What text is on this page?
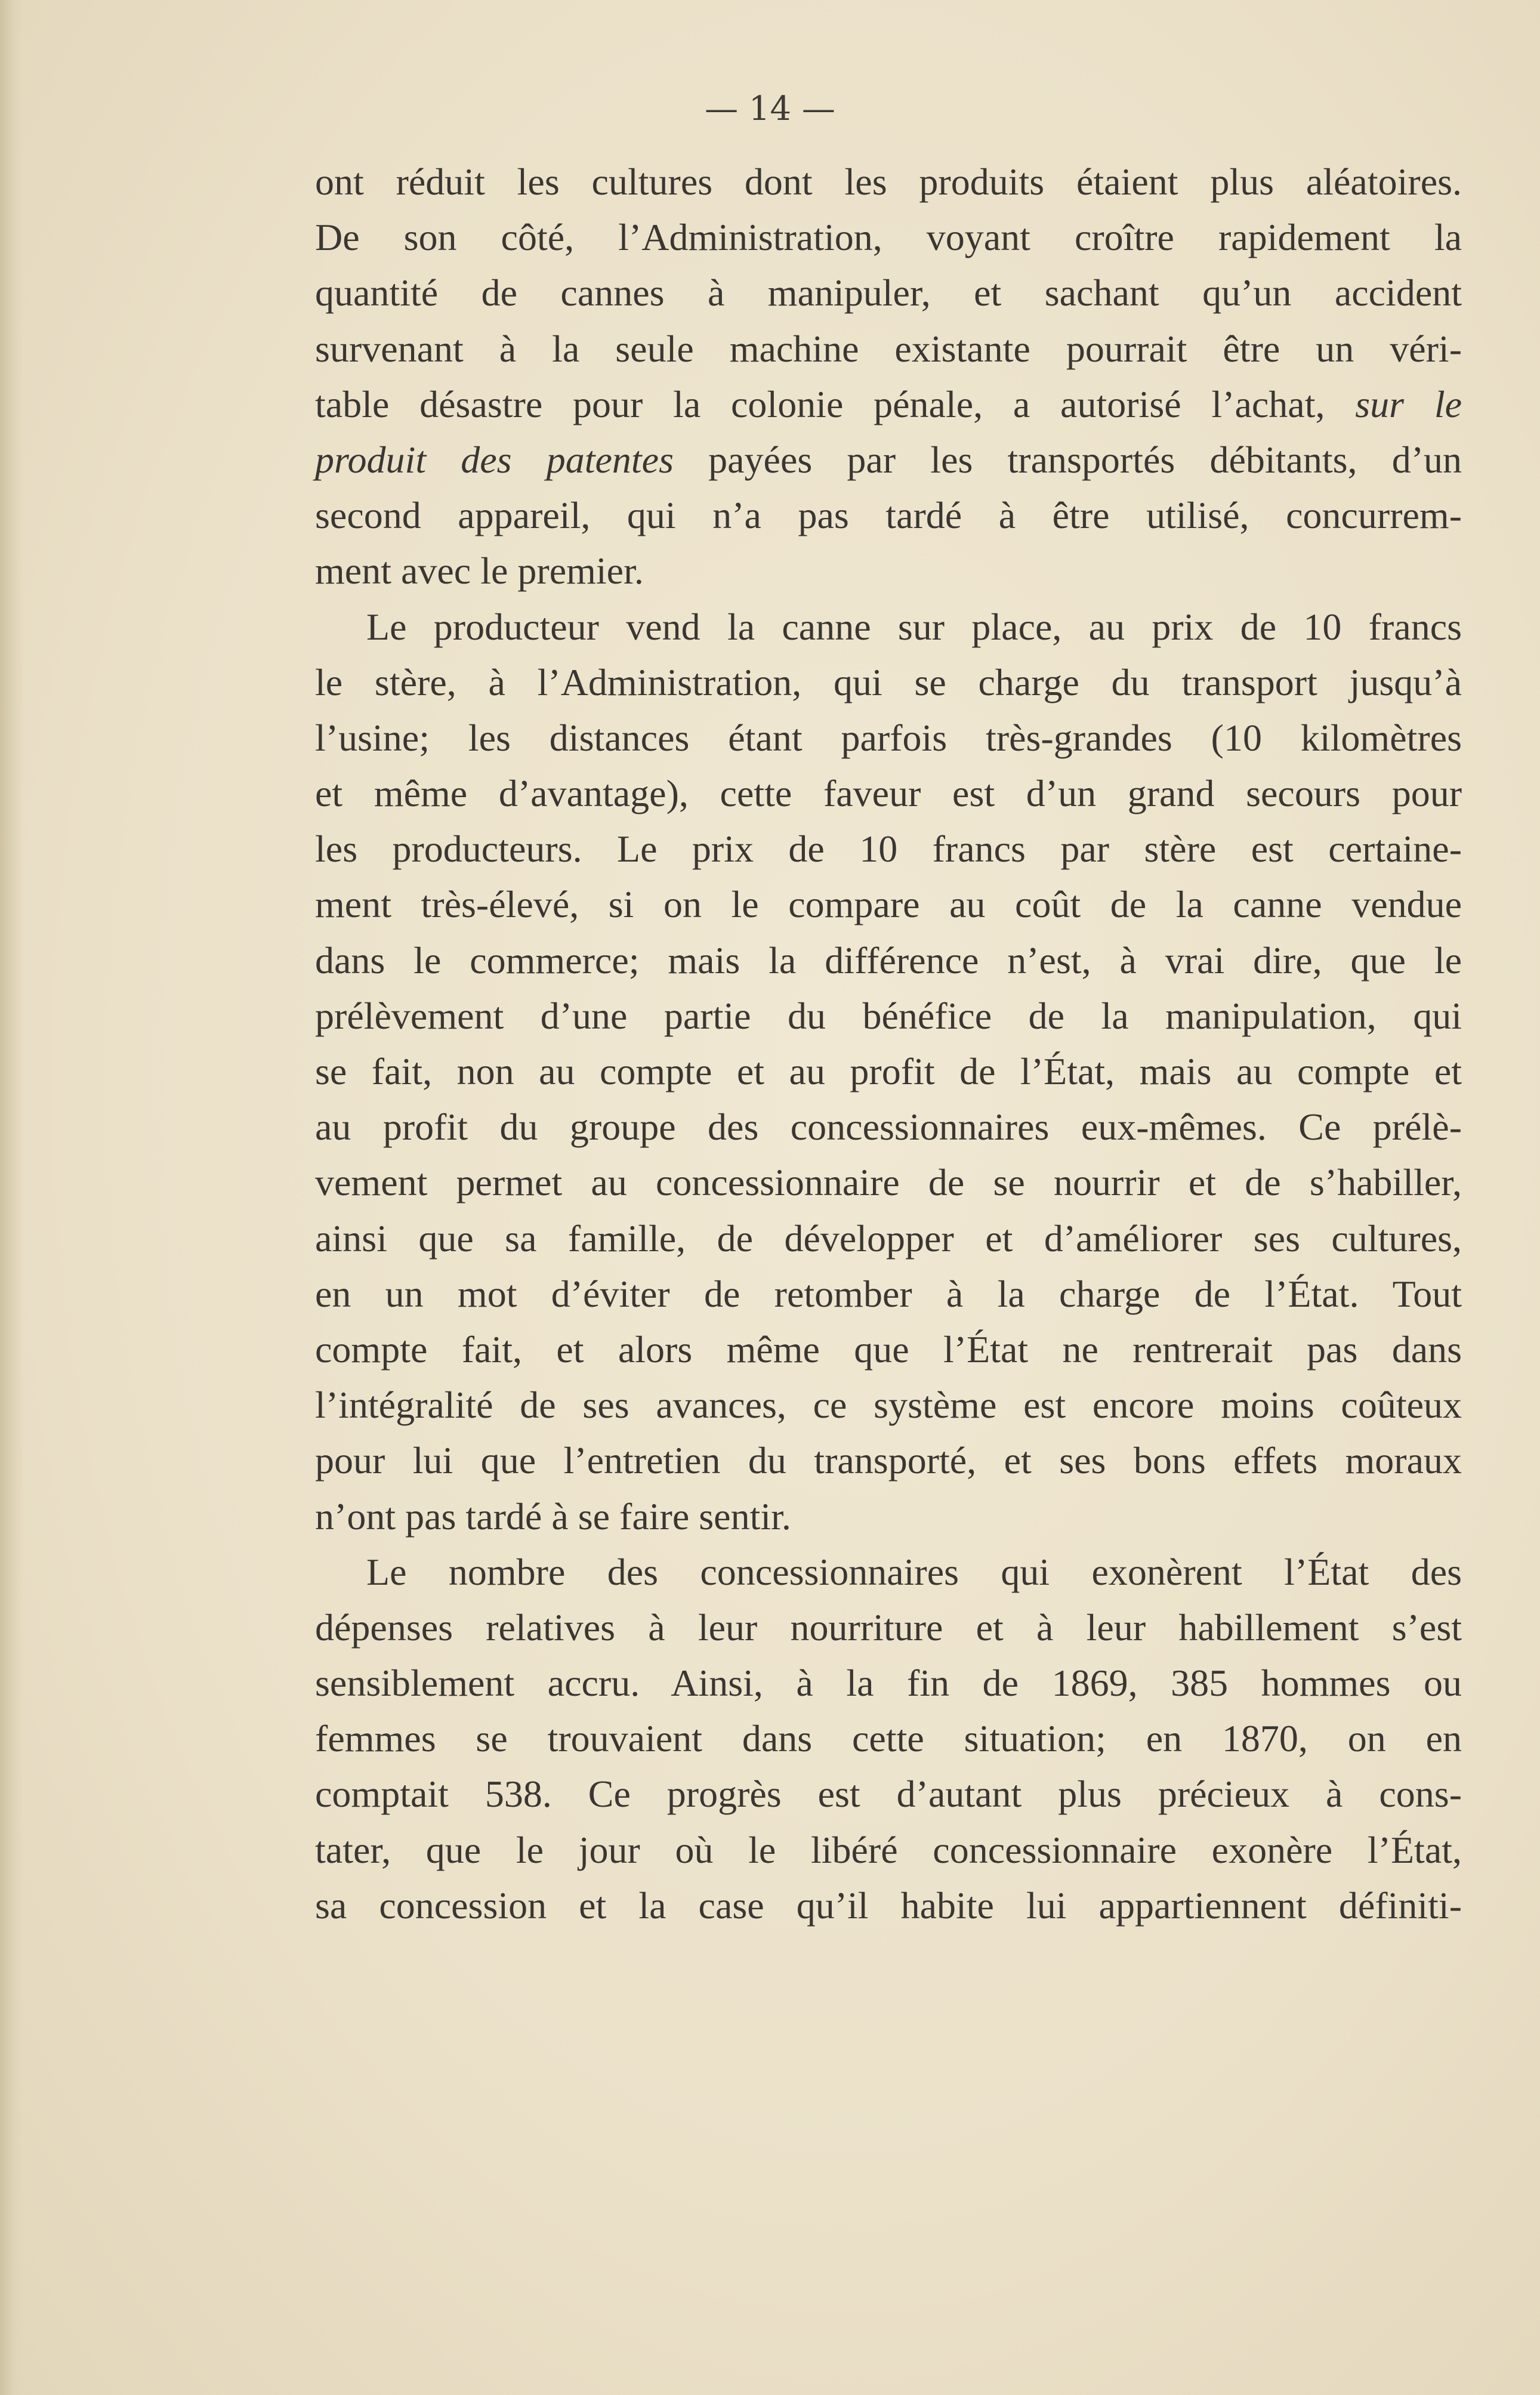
— 14 —
ont réduit les cultures dont les produits étaient plus aléatoires.
De son côté, l’Administration, voyant croître rapidement la
quantité de cannes à manipuler, et sachant qu’un accident
survenant à la seule machine existante pourrait être un véri-
table désastre pour la colonie pénale, a autorisé l’achat, sur le
produit des patentes payées par les transportés débitants, d’un
second appareil, qui n’a pas tardé à être utilisé, concurrem-
ment avec le premier.
Le producteur vend la canne sur place, au prix de 10 francs
le stère, à l’Administration, qui se charge du transport jusqu’à
l’usine; les distances étant parfois très-grandes (10 kilomètres
et même d’avantage), cette faveur est d’un grand secours pour
les producteurs. Le prix de 10 francs par stère est certaine-
ment très-élevé, si on le compare au coût de la canne vendue
dans le commerce; mais la différence n’est, à vrai dire, que le
prélèvement d’une partie du bénéfice de la manipulation, qui
se fait, non au compte et au profit de l’État, mais au compte et
au profit du groupe des concessionnaires eux-mêmes. Ce prélè-
vement permet au concessionnaire de se nourrir et de s’habiller,
ainsi que sa famille, de développer et d’améliorer ses cultures,
en un mot d’éviter de retomber à la charge de l’État. Tout
compte fait, et alors même que l’État ne rentrerait pas dans
l’intégralité de ses avances, ce système est encore moins coûteux
pour lui que l’entretien du transporté, et ses bons effets moraux
n’ont pas tardé à se faire sentir.
Le nombre des concessionnaires qui exonèrent l’État des
dépenses relatives à leur nourriture et à leur habillement s’est
sensiblement accru. Ainsi, à la fin de 1869, 385 hommes ou
femmes se trouvaient dans cette situation; en 1870, on en
comptait 538. Ce progrès est d’autant plus précieux à cons-
tater, que le jour où le libéré concessionnaire exonère l’État,
sa concession et la case qu’il habite lui appartiennent définiti-
